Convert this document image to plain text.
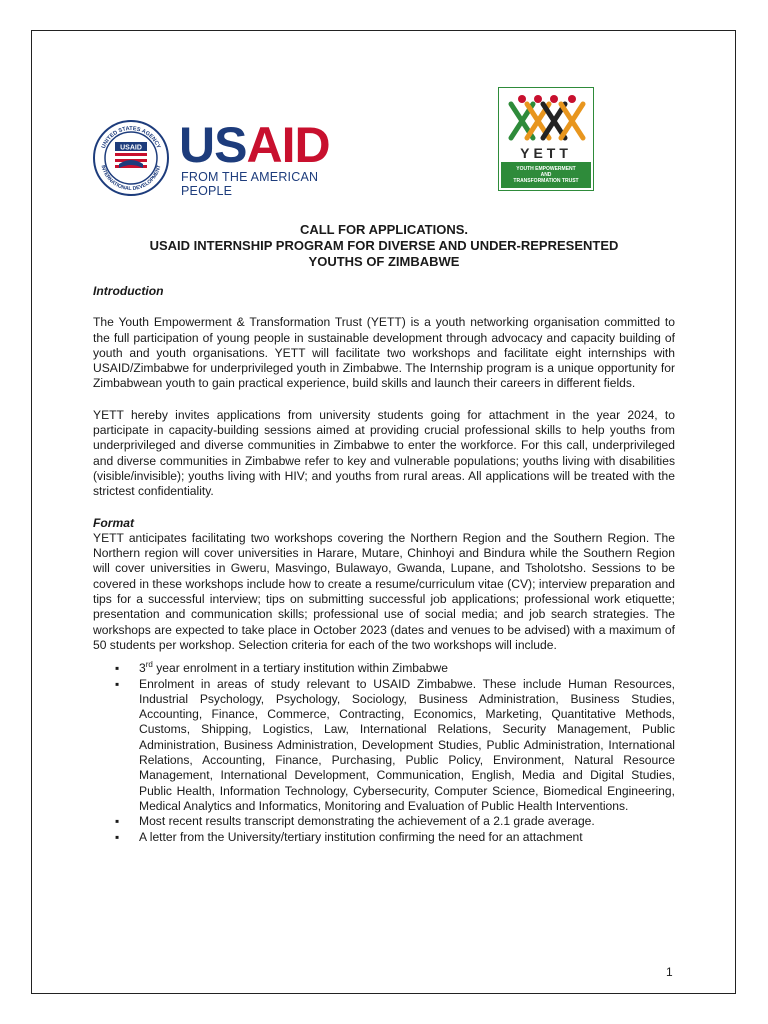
UNITED STATES AGENCY
INTERNATIONAL DEVELOPMENT
USAID USAID
FROM THE AMERICAN PEOPLE
YETT
YOUTH EMPOWERMENT
AND
TRANSFORMATION TRUST
CALL FOR APPLICATIONS.
USAID INTERNSHIP PROGRAM FOR DIVERSE AND UNDER-REPRESENTED
YOUTHS OF ZIMBABWE

Introduction

The Youth Empowerment & Transformation Trust (YETT) is a youth networking organisation committed to the full participation of young people in sustainable development through advocacy and capacity building of youth and youth organisations. YETT will facilitate two workshops and facilitate eight internships with USAID/Zimbabwe for underprivileged youth in Zimbabwe. The Internship program is a unique opportunity for Zimbabwean youth to gain practical experience, build skills and launch their careers in different fields.

YETT hereby invites applications from university students going for attachment in the year 2024, to participate in capacity-building sessions aimed at providing crucial professional skills to help youths from underprivileged and diverse communities in Zimbabwe to enter the workforce. For this call, underprivileged and diverse communities in Zimbabwe refer to key and vulnerable populations; youths living with disabilities (visible/invisible); youths living with HIV; and youths from rural areas. All applications will be treated with the strictest confidentiality.

Format

YETT anticipates facilitating two workshops covering the Northern Region and the Southern Region. The Northern region will cover universities in Harare, Mutare, Chinhoyi and Bindura while the Southern Region will cover universities in Gweru, Masvingo, Bulawayo, Gwanda, Lupane, and Tsholotsho. Sessions to be covered in these workshops include how to create a resume/curriculum vitae (CV); interview preparation and tips for a successful interview; tips on submitting successful job applications; professional work etiquette; presentation and communication skills; professional use of social media; and job search strategies. The workshops are expected to take place in October 2023 (dates and venues to be advised) with a maximum of 50 students per workshop. Selection criteria for each of the two workshops will include.

▪ 3rd year enrolment in a tertiary institution within Zimbabwe
▪ Enrolment in areas of study relevant to USAID Zimbabwe. These include Human Resources, Industrial Psychology, Psychology, Sociology, Business Administration, Business Studies, Accounting, Finance, Commerce, Contracting, Economics, Marketing, Quantitative Methods, Customs, Shipping, Logistics, Law, International Relations, Security Management, Public Administration, Business Administration, Development Studies, Public Administration, International Relations, Accounting, Finance, Purchasing, Public Policy, Environment, Natural Resource Management, International Development, Communication, English, Media and Digital Studies, Public Health, Information Technology, Cybersecurity, Computer Science, Biomedical Engineering, Medical Analytics and Informatics, Monitoring and Evaluation of Public Health Interventions.
▪ Most recent results transcript demonstrating the achievement of a 2.1 grade average.
▪ A letter from the University/tertiary institution confirming the need for an attachment
1
